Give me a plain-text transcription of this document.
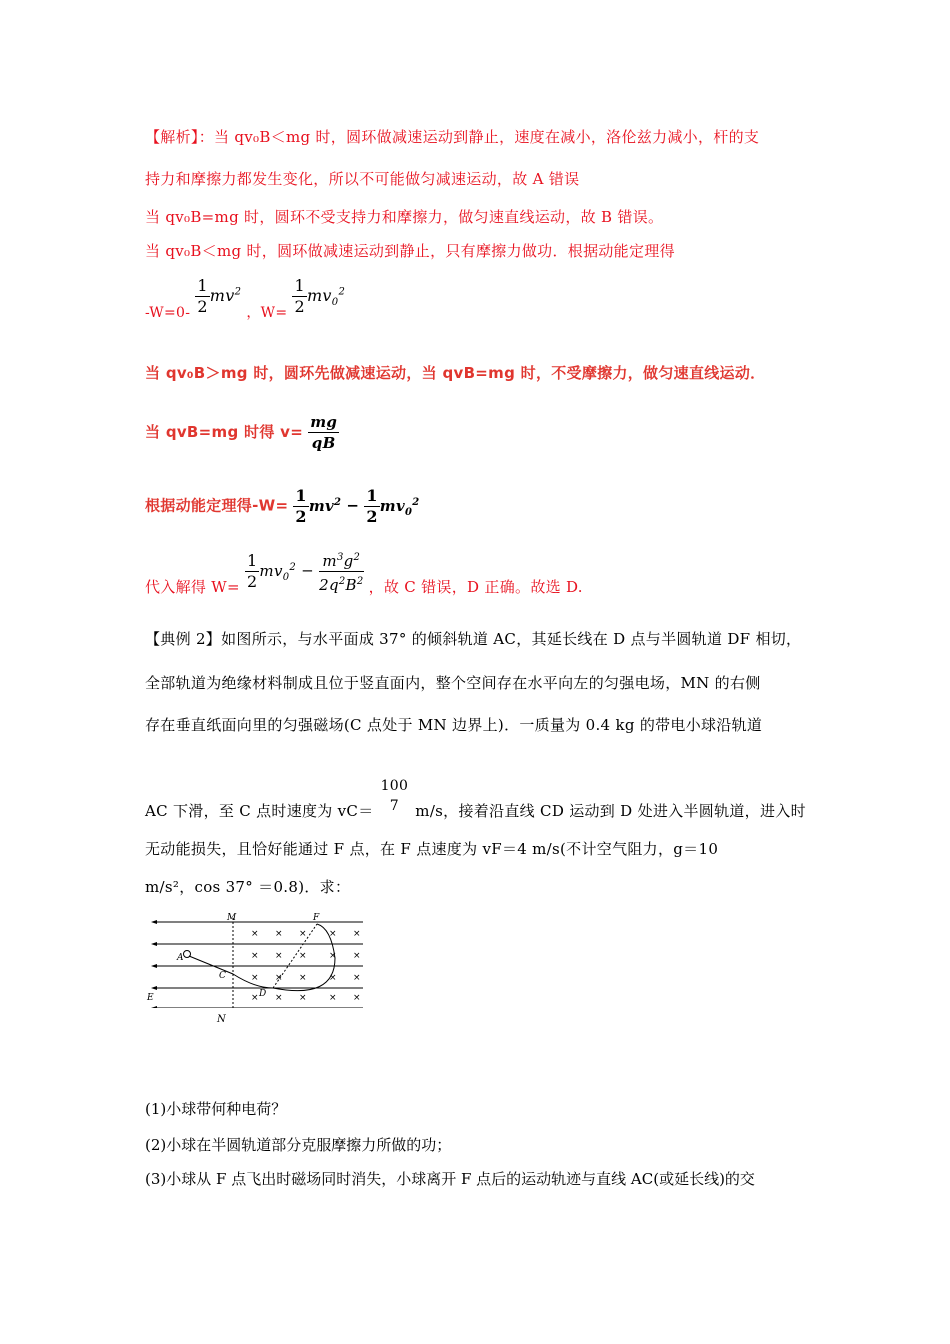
【解析】：当 qv₀B＜mg 时，圆环做减速运动到静止，速度在减小，洛伦兹力减小，杆的支
持力和摩擦力都发生变化，所以不可能做匀减速运动，故 A 错误
当 qv₀B=mg 时，圆环不受支持力和摩擦力，做匀速直线运动，故 B 错误。
当 qv₀B＜mg 时，圆环做减速运动到静止，只有摩擦力做功．根据动能定理得
$-W=0- \frac{1}{2} mv^2$ ，$W= \frac{1}{2} mv_0^2$
当 qv₀B＞mg 时，圆环先做减速运动，当 qvB=mg 时，不受摩擦力，做匀速直线运动．
当 qvB=mg 时得 $v= \frac{mg}{qB}$
根据动能定理得$-W= \frac{1}{2} mv^2 - \frac{1}{2} mv_0^2$
代入解得 $W= \frac{1}{2} mv_0^2 - \frac{m^3g^2}{2q^2B^2}$ ，故 C 错误，D 正确。故选 D.
【典例 2】如图所示，与水平面成 37° 的倾斜轨道 AC，其延长线在 D 点与半圆轨道 DF 相切，
全部轨道为绝缘材料制成且位于竖直面内，整个空间存在水平向左的匀强电场，MN 的右侧
存在垂直纸面向里的匀强磁场(C 点处于 MN 边界上)．一质量为 0.4 kg 的带电小球沿轨道
AC 下滑，至 C 点时速度为 vC＝
100
7	m/s，接着沿直线 CD 运动到 D 处进入半圆轨道，进入时
无动能损失，且恰好能通过 F 点，在 F 点速度为 vF＝4 m/s(不计空气阻力，g＝10
m/s²，cos 37° ＝0.8)．求：
× × × × ×
× × × × ×
× × × × ×
× × × × ×
M
A
C
D
E
F
N
(1)小球带何种电荷？
(2)小球在半圆轨道部分克服摩擦力所做的功；
(3)小球从 F 点飞出时磁场同时消失，小球离开 F 点后的运动轨迹与直线 AC(或延长线)的交
